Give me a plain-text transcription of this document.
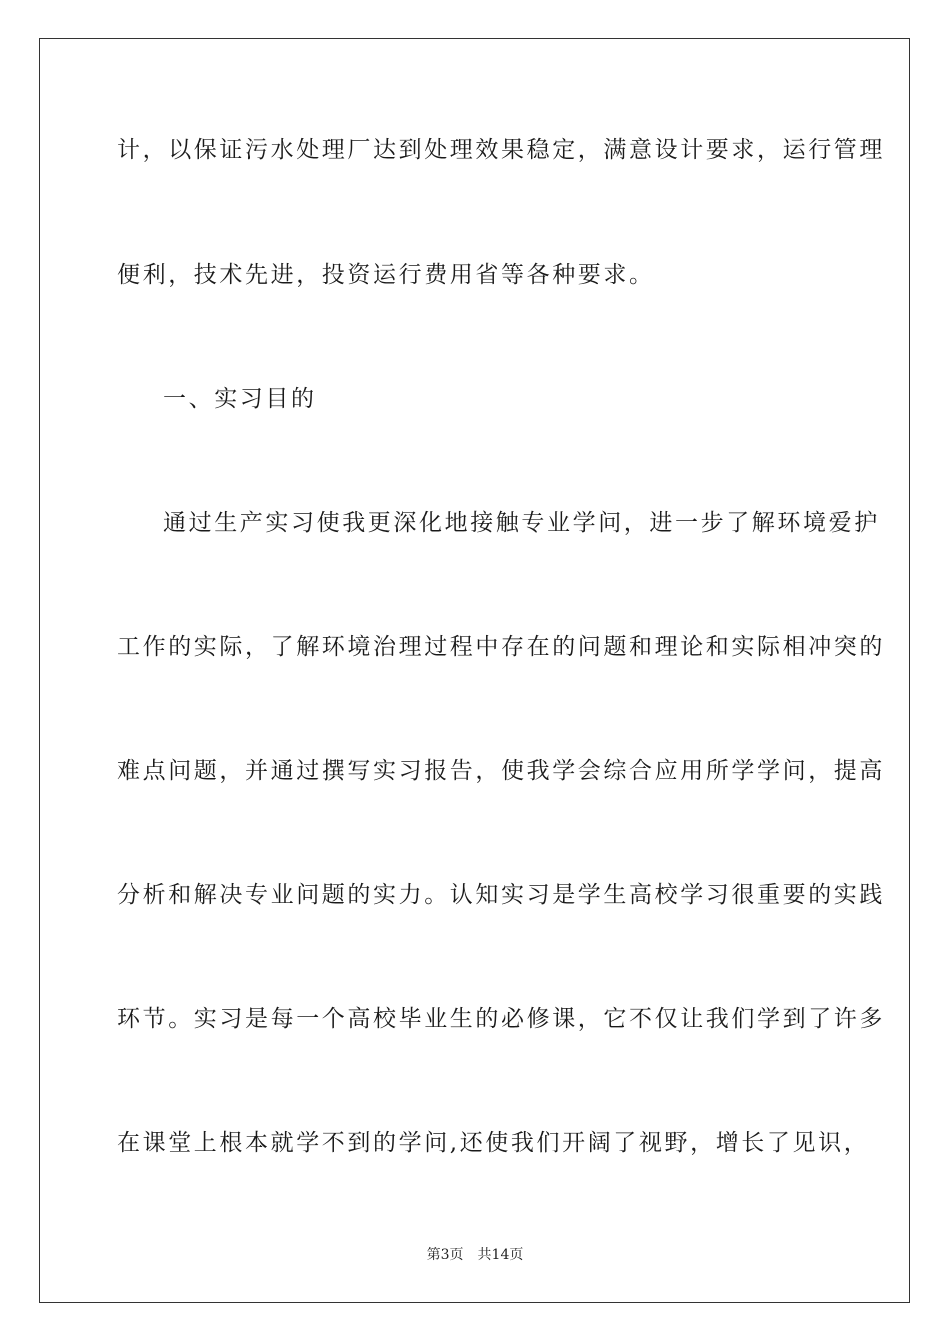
计，以保证污水处理厂达到处理效果稳定，满意设计要求，运行管理
便利，技术先进，投资运行费用省等各种要求。
一、实习目的
通过生产实习使我更深化地接触专业学问，进一步了解环境爱护
工作的实际，了解环境治理过程中存在的问题和理论和实际相冲突的
难点问题，并通过撰写实习报告，使我学会综合应用所学学问，提高
分析和解决专业问题的实力。认知实习是学生高校学习很重要的实践
环节。实习是每一个高校毕业生的必修课，它不仅让我们学到了许多
在课堂上根本就学不到的学问,还使我们开阔了视野，增长了见识，
第3页　共14页
